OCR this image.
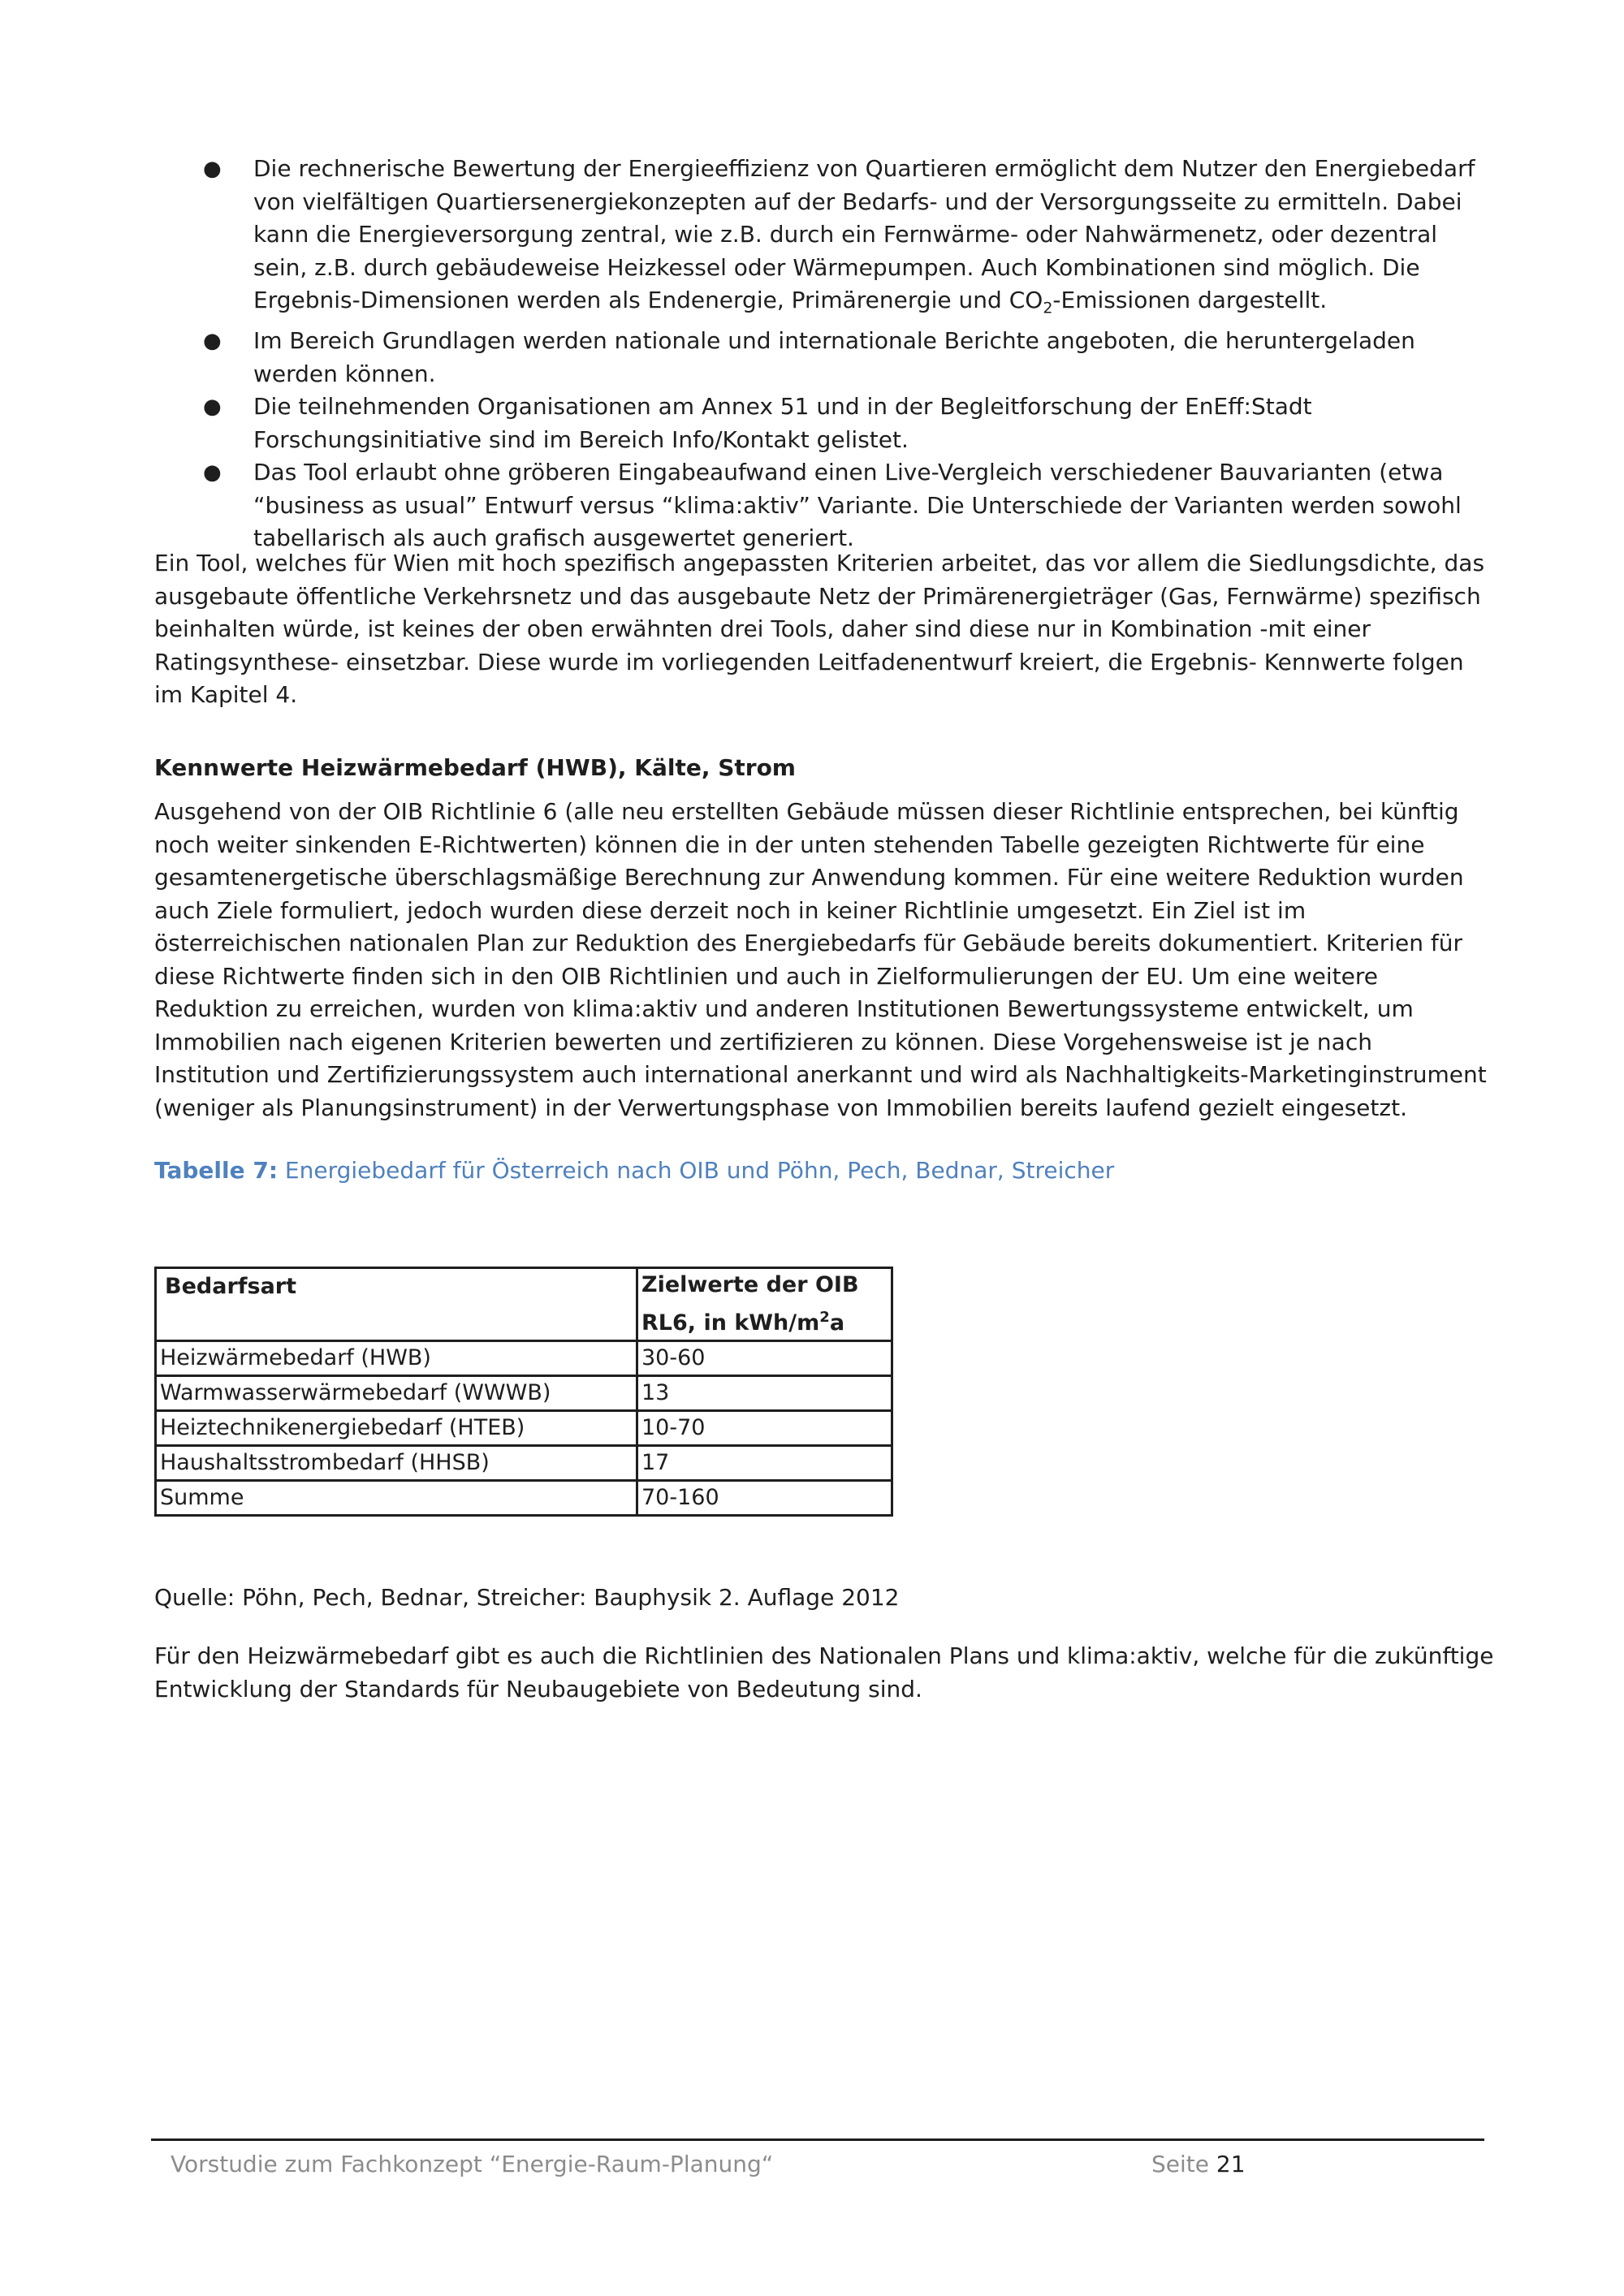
● Die rechnerische Bewertung der Energieeffizienz von Quartieren ermöglicht dem Nutzer den Energiebedarf von vielfältigen Quartiersenergiekonzepten auf der Bedarfs- und der Versorgungsseite zu ermitteln. Dabei kann die Energieversorgung zentral, wie z.B. durch ein Fernwärme- oder Nahwärmenetz, oder dezentral sein, z.B. durch gebäudeweise Heizkessel oder Wärmepumpen. Auch Kombinationen sind möglich. Die Ergebnis-Dimensionen werden als Endenergie, Primärenergie und $CO_2$-Emissionen dargestellt.
● Im Bereich Grundlagen werden nationale und internationale Berichte angeboten, die heruntergeladen werden können.
● Die teilnehmenden Organisationen am Annex 51 und in der Begleitforschung der EnEff:Stadt Forschungsinitiative sind im Bereich Info/Kontakt gelistet.
● Das Tool erlaubt ohne gröberen Eingabeaufwand einen Live-Vergleich verschiedener Bauvarianten (etwa “business as usual” Entwurf versus “klima:aktiv” Variante. Die Unterschiede der Varianten werden sowohl tabellarisch als auch grafisch ausgewertet generiert.

Ein Tool, welches für Wien mit hoch spezifisch angepassten Kriterien arbeitet, das vor allem die Siedlungsdichte, das ausgebaute öffentliche Verkehrsnetz und das ausgebaute Netz der Primärenergieträger (Gas, Fernwärme) spezifisch beinhalten würde, ist keines der oben erwähnten drei Tools, daher sind diese nur in Kombination -mit einer Ratingsynthese- einsetzbar. Diese wurde im vorliegenden Leitfadenentwurf kreiert, die Ergebnis- Kennwerte folgen im Kapitel 4.

Kennwerte Heizwärmebedarf (HWB), Kälte, Strom

Ausgehend von der OIB Richtlinie 6 (alle neu erstellten Gebäude müssen dieser Richtlinie entsprechen, bei künftig noch weiter sinkenden E-Richtwerten) können die in der unten stehenden Tabelle gezeigten Richtwerte für eine gesamtenergetische überschlagsmäßige Berechnung zur Anwendung kommen. Für eine weitere Reduktion wurden auch Ziele formuliert, jedoch wurden diese derzeit noch in keiner Richtlinie umgesetzt. Ein Ziel ist im österreichischen nationalen Plan zur Reduktion des Energiebedarfs für Gebäude bereits dokumentiert. Kriterien für diese Richtwerte finden sich in den OIB Richtlinien und auch in Zielformulierungen der EU. Um eine weitere Reduktion zu erreichen, wurden von klima:aktiv und anderen Institutionen Bewertungssysteme entwickelt, um Immobilien nach eigenen Kriterien bewerten und zertifizieren zu können. Diese Vorgehensweise ist je nach Institution und Zertifizierungssystem auch international anerkannt und wird als Nachhaltigkeits-Marketinginstrument (weniger als Planungsinstrument) in der Verwertungsphase von Immobilien bereits laufend gezielt eingesetzt.

Tabelle 7: Energiebedarf für Österreich nach OIB und Pöhn, Pech, Bednar, Streicher

Bedarfsart	Zielwerte der OIB
RL6, in kWh/$m^2a$
Heizwärmebedarf (HWB)	30-60
Warmwasserwärmebedarf (WWWB)	13
Heiztechnikenergiebedarf (HTEB)	10-70
Haushaltsstrombedarf (HHSB)	17
Summe	70-160

Quelle: Pöhn, Pech, Bednar, Streicher: Bauphysik 2. Auflage 2012

Für den Heizwärmebedarf gibt es auch die Richtlinien des Nationalen Plans und klima:aktiv, welche für die zukünftige Entwicklung der Standards für Neubaugebiete von Bedeutung sind.

Vorstudie zum Fachkonzept “Energie-Raum-Planung“	Seite 21
